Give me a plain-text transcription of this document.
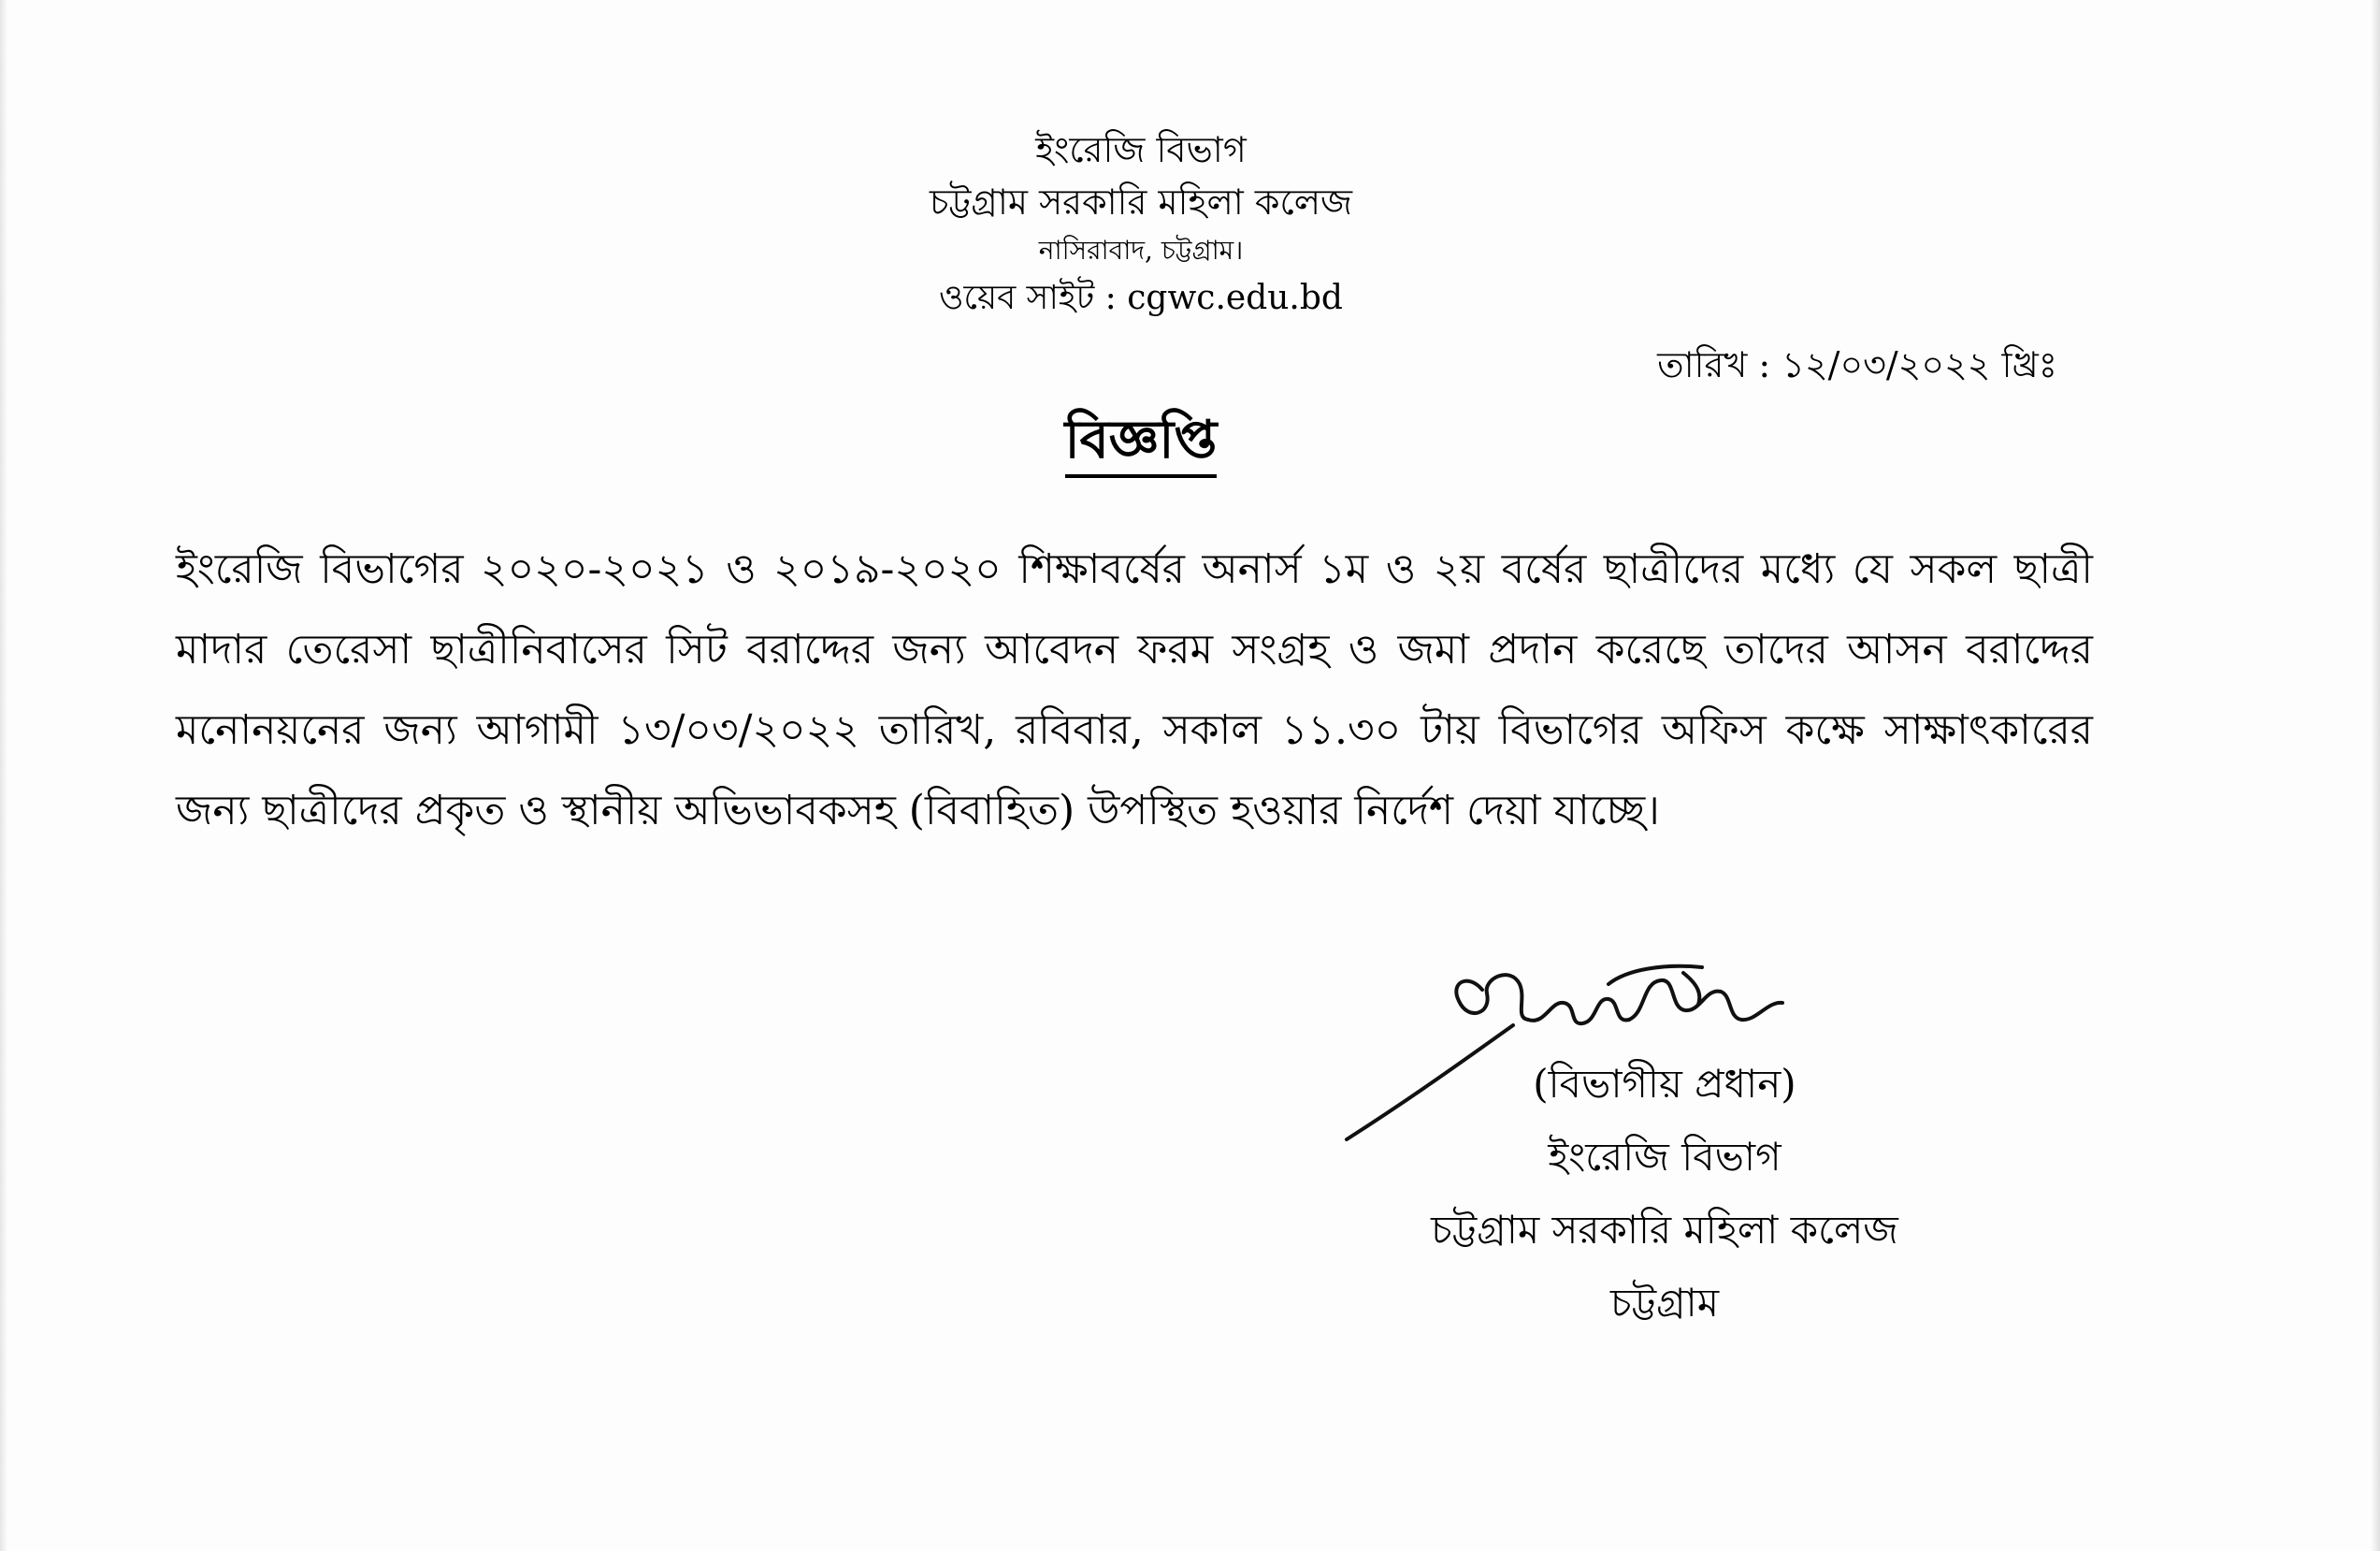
ইংরেজি বিভাগ
চট্টগ্রাম সরকারি মহিলা কলেজ
নাসিরাবাদ, চট্টগ্রাম।
ওয়েব সাইট : cgwc.edu.bd
তারিখ : ১২/০৩/২০২২ খ্রিঃ
বিজ্ঞপ্তি
ইংরেজি বিভাগের ২০২০-২০২১ ও ২০১৯-২০২০ শিক্ষাবর্ষের অনার্স ১ম ও ২য় বর্ষের ছাত্রীদের মধ্যে যে সকল ছাত্রী মাদার তেরেসা ছাত্রীনিবাসের সিট বরাদ্দের জন্য আবেদন ফরম সংগ্রহ ও জমা প্রদান করেছে তাদের আসন বরাদ্দের মনোনয়নের জন্য আগামী ১৩/০৩/২০২২ তারিখ, রবিবার, সকাল ১১.৩০ টায় বিভাগের অফিস কক্ষে সাক্ষাৎকারের জন্য ছাত্রীদের প্রকৃত ও স্থানীয় অভিভাবকসহ (বিবাহিত) উপস্থিত হওয়ার নির্দেশ দেয়া যাচ্ছে।
(বিভাগীয় প্রধান)
ইংরেজি বিভাগ
চট্টগ্রাম সরকারি মহিলা কলেজ
চট্টগ্রাম
